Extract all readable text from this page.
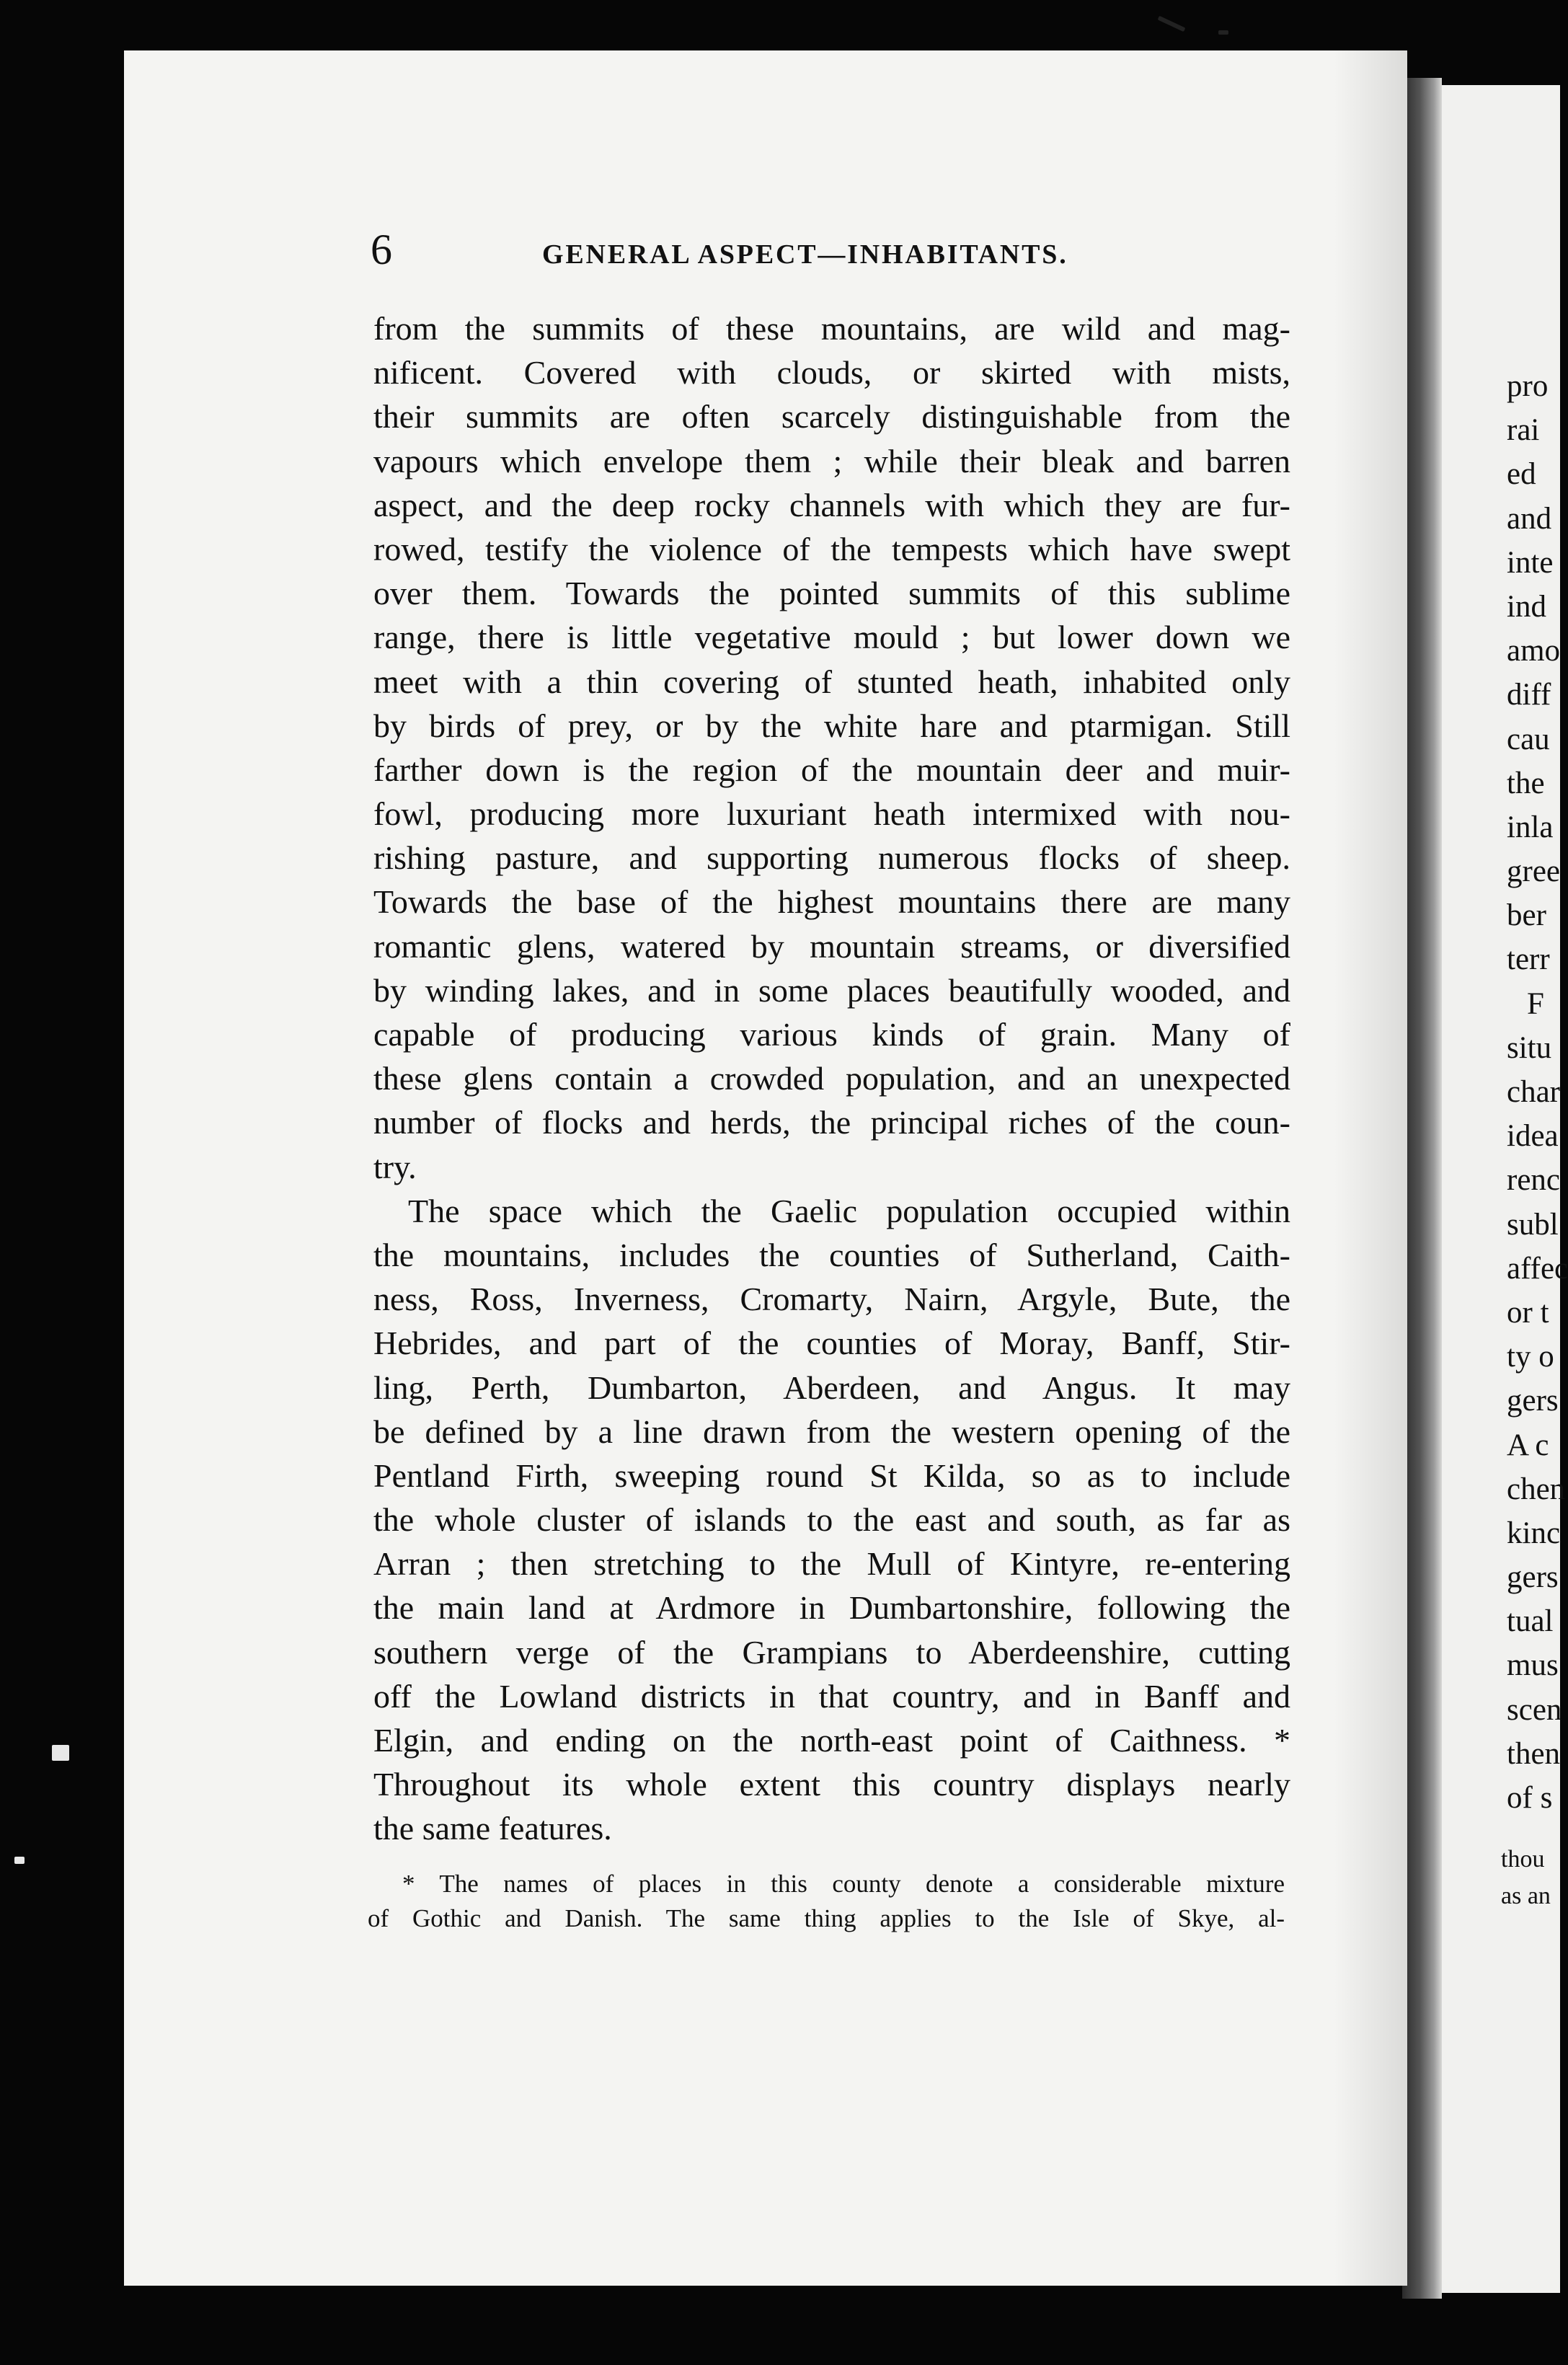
pro
rai
ed
and
inte
ind
amo
diff
cau
the
inla
gree
ber
terr
F
situ
char
idea
renc
subl
affec
or t
ty o
gers
A c
chen
kinc
gers
tual
mus
scen
then
of s
thou
as an
6	GENERAL ASPECT—INHABITANTS.
from the summits of these mountains, are wild and mag-
nificent. Covered with clouds, or skirted with mists,
their summits are often scarcely distinguishable from the
vapours which envelope them ; while their bleak and barren
aspect, and the deep rocky channels with which they are fur-
rowed, testify the violence of the tempests which have swept
over them. Towards the pointed summits of this sublime
range, there is little vegetative mould ; but lower down we
meet with a thin covering of stunted heath, inhabited only
by birds of prey, or by the white hare and ptarmigan. Still
farther down is the region of the mountain deer and muir-
fowl, producing more luxuriant heath intermixed with nou-
rishing pasture, and supporting numerous flocks of sheep.
Towards the base of the highest mountains there are many
romantic glens, watered by mountain streams, or diversified
by winding lakes, and in some places beautifully wooded, and
capable of producing various kinds of grain. Many of
these glens contain a crowded population, and an unexpected
number of flocks and herds, the principal riches of the coun-
try.
The space which the Gaelic population occupied within
the mountains, includes the counties of Sutherland, Caith-
ness, Ross, Inverness, Cromarty, Nairn, Argyle, Bute, the
Hebrides, and part of the counties of Moray, Banff, Stir-
ling, Perth, Dumbarton, Aberdeen, and Angus. It may
be defined by a line drawn from the western opening of the
Pentland Firth, sweeping round St Kilda, so as to include
the whole cluster of islands to the east and south, as far as
Arran ; then stretching to the Mull of Kintyre, re-entering
the main land at Ardmore in Dumbartonshire, following the
southern verge of the Grampians to Aberdeenshire, cutting
off the Lowland districts in that country, and in Banff and
Elgin, and ending on the north-east point of Caithness. *
Throughout its whole extent this country displays nearly
the same features.
* The names of places in this county denote a considerable mixture
of Gothic and Danish. The same thing applies to the Isle of Skye, al-
